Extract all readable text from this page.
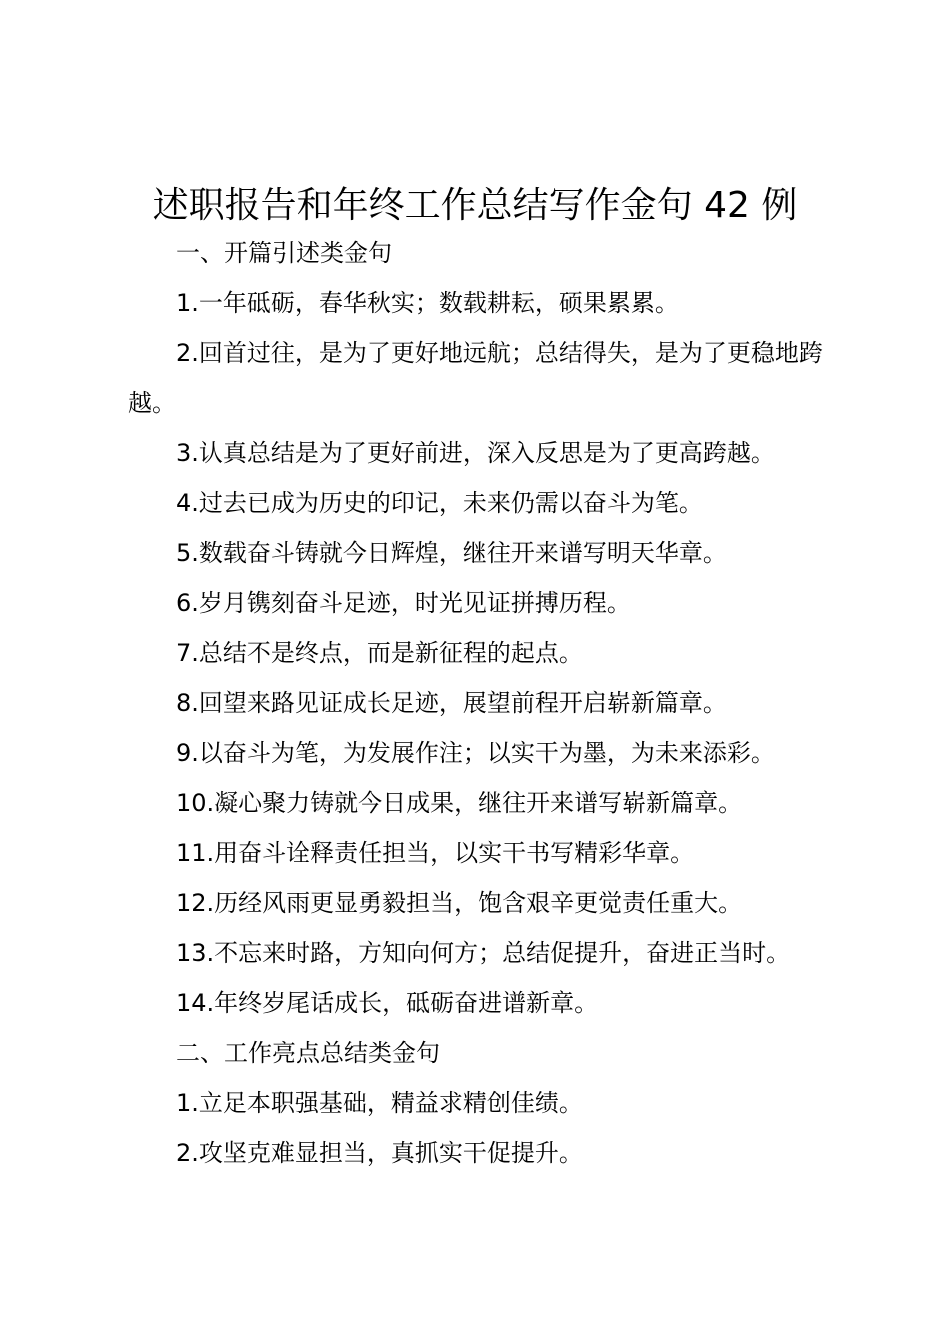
述职报告和年终工作总结写作金句 42 例

一、开篇引述类金句

1.一年砥砺，春华秋实；数载耕耘，硕果累累。

2.回首过往，是为了更好地远航；总结得失，是为了更稳地跨越。

3.认真总结是为了更好前进，深入反思是为了更高跨越。

4.过去已成为历史的印记，未来仍需以奋斗为笔。

5.数载奋斗铸就今日辉煌，继往开来谱写明天华章。

6.岁月镌刻奋斗足迹，时光见证拼搏历程。

7.总结不是终点，而是新征程的起点。

8.回望来路见证成长足迹，展望前程开启崭新篇章。

9.以奋斗为笔，为发展作注；以实干为墨，为未来添彩。

10.凝心聚力铸就今日成果，继往开来谱写崭新篇章。

11.用奋斗诠释责任担当，以实干书写精彩华章。

12.历经风雨更显勇毅担当，饱含艰辛更觉责任重大。

13.不忘来时路，方知向何方；总结促提升，奋进正当时。

14.年终岁尾话成长，砥砺奋进谱新章。

二、工作亮点总结类金句

1.立足本职强基础，精益求精创佳绩。

2.攻坚克难显担当，真抓实干促提升。
